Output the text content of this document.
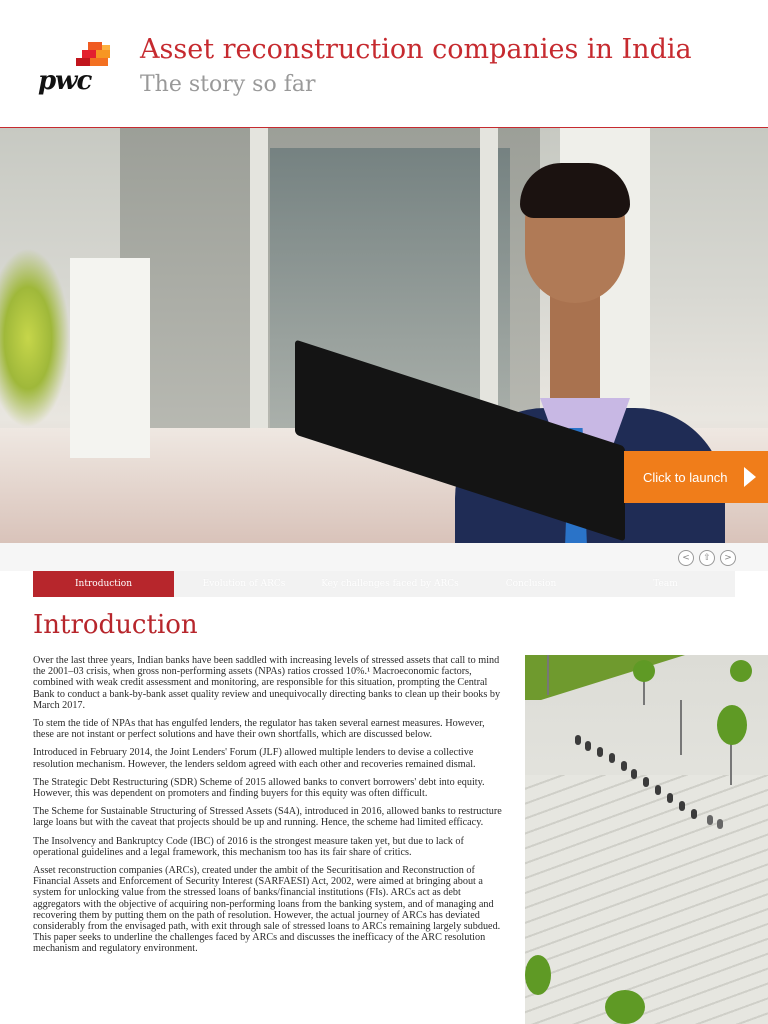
pwc
Asset reconstruction companies in India
The story so far
Click to launch
<	⇧	>
Introduction	Evolution of ARCs	Key challenges faced by ARCs	Conclusion	Team
Introduction

Over the last three years, Indian banks have been saddled with increasing levels of stressed assets that call to mind the 2001–03 crisis, when gross non-performing assets (NPAs) ratios crossed 10%.¹ Macroeconomic factors, combined with weak credit assessment and monitoring, are responsible for this situation, prompting the Central Bank to conduct a bank-by-bank asset quality review and unequivocally directing banks to clean up their books by March 2017.

To stem the tide of NPAs that has engulfed lenders, the regulator has taken several earnest measures. However, these are not instant or perfect solutions and have their own shortfalls, which are discussed below.

Introduced in February 2014, the Joint Lenders' Forum (JLF) allowed multiple lenders to devise a collective resolution mechanism. However, the lenders seldom agreed with each other and recoveries remained dismal.

The Strategic Debt Restructuring (SDR) Scheme of 2015 allowed banks to convert borrowers' debt into equity. However, this was dependent on promoters and finding buyers for this equity was often difficult.

The Scheme for Sustainable Structuring of Stressed Assets (S4A), introduced in 2016, allowed banks to restructure large loans but with the caveat that projects should be up and running. Hence, the scheme had limited efficacy.

The Insolvency and Bankruptcy Code (IBC) of 2016 is the strongest measure taken yet, but due to lack of operational guidelines and a legal framework, this mechanism too has its fair share of critics.

Asset reconstruction companies (ARCs), created under the ambit of the Securitisation and Reconstruction of Financial Assets and Enforcement of Security Interest (SARFAESI) Act, 2002, were aimed at bringing about a system for unlocking value from the stressed loans of banks/financial institutions (FIs). ARCs act as debt aggregators with the objective of acquiring non-performing loans from the banking system, and of managing and recovering them by putting them on the path of resolution. However, the actual journey of ARCs has deviated considerably from the envisaged path, with exit through sale of stressed loans to ARCs remaining largely subdued. This paper seeks to underline the challenges faced by ARCs and discusses the inefficacy of the ARC resolution mechanism and regulatory environment.
